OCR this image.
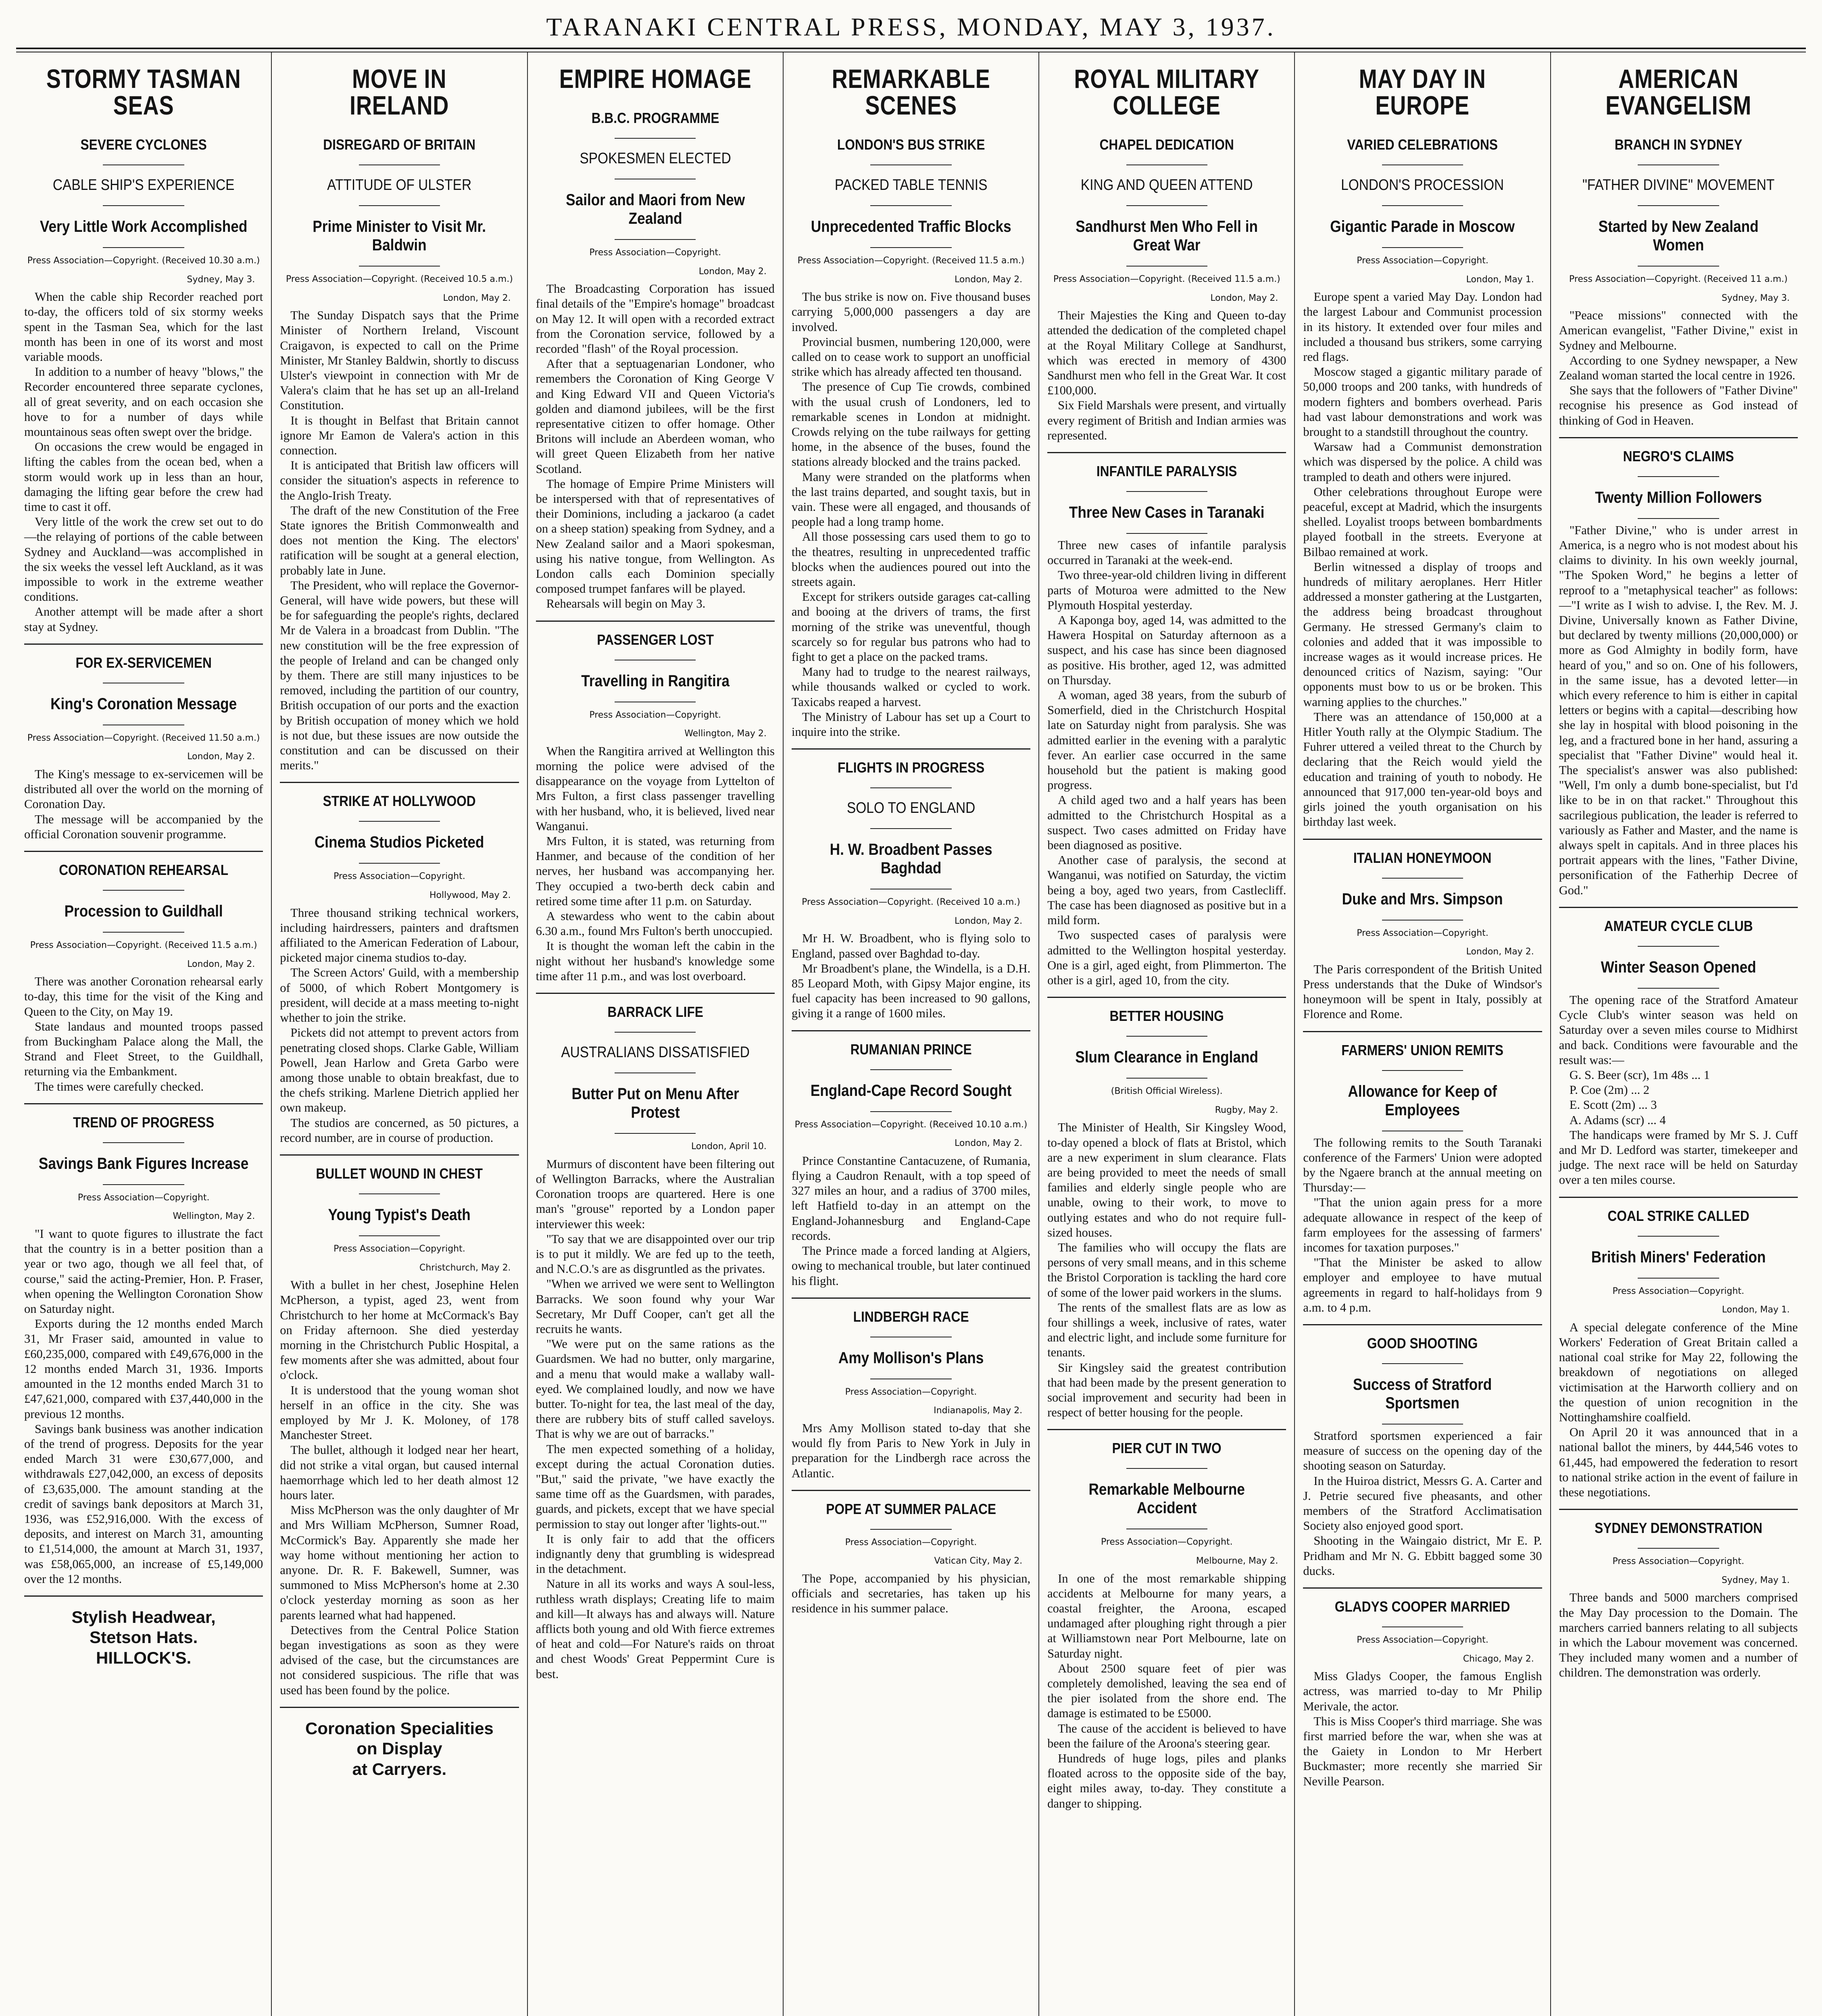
TARANAKI CENTRAL PRESS, MONDAY, MAY 3, 1937.
STORMY TASMAN SEAS
SEVERE CYCLONES
CABLE SHIP'S EXPERIENCE
Very Little Work Accomplished
Press Association—Copyright. (Received 10.30 a.m.)
Sydney, May 3.

When the cable ship Recorder reached port to-day, the officers told of six stormy weeks spent in the Tasman Sea, which for the last month has been in one of its worst and most variable moods.

In addition to a number of heavy "blows," the Recorder encountered three separate cyclones, all of great severity, and on each occasion she hove to for a number of days while mountainous seas often swept over the bridge.

On occasions the crew would be engaged in lifting the cables from the ocean bed, when a storm would work up in less than an hour, damaging the lifting gear before the crew had time to cast it off.

Very little of the work the crew set out to do—the relaying of portions of the cable between Sydney and Auckland—was accomplished in the six weeks the vessel left Auckland, as it was impossible to work in the extreme weather conditions.

Another attempt will be made after a short stay at Sydney.

FOR EX-SERVICEMEN
King's Coronation Message
Press Association—Copyright. (Received 11.50 a.m.)
London, May 2.

The King's message to ex-servicemen will be distributed all over the world on the morning of Coronation Day.

The message will be accompanied by the official Coronation souvenir programme.

CORONATION REHEARSAL
Procession to Guildhall
Press Association—Copyright. (Received 11.5 a.m.)
London, May 2.

There was another Coronation rehearsal early to-day, this time for the visit of the King and Queen to the City, on May 19.

State landaus and mounted troops passed from Buckingham Palace along the Mall, the Strand and Fleet Street, to the Guildhall, returning via the Embankment.

The times were carefully checked.

TREND OF PROGRESS
Savings Bank Figures Increase
Press Association—Copyright.
Wellington, May 2.

"I want to quote figures to illustrate the fact that the country is in a better position than a year or two ago, though we all feel that, of course," said the acting-Premier, Hon. P. Fraser, when opening the Wellington Coronation Show on Saturday night.

Exports during the 12 months ended March 31, Mr Fraser said, amounted in value to £60,235,000, compared with £49,676,000 in the 12 months ended March 31, 1936. Imports amounted in the 12 months ended March 31 to £47,621,000, compared with £37,440,000 in the previous 12 months.

Savings bank business was another indication of the trend of progress. Deposits for the year ended March 31 were £30,677,000, and withdrawals £27,042,000, an excess of deposits of £3,635,000. The amount standing at the credit of savings bank depositors at March 31, 1936, was £52,916,000. With the excess of deposits, and interest on March 31, amounting to £1,514,000, the amount at March 31, 1937, was £58,065,000, an increase of £5,149,000 over the 12 months.

Stylish Headwear,
Stetson Hats.
HILLOCK'S.
MOVE IN IRELAND
DISREGARD OF BRITAIN
ATTITUDE OF ULSTER
Prime Minister to Visit Mr. Baldwin
Press Association—Copyright. (Received 10.5 a.m.)
London, May 2.

The Sunday Dispatch says that the Prime Minister of Northern Ireland, Viscount Craigavon, is expected to call on the Prime Minister, Mr Stanley Baldwin, shortly to discuss Ulster's viewpoint in connection with Mr de Valera's claim that he has set up an all-Ireland Constitution.

It is thought in Belfast that Britain cannot ignore Mr Eamon de Valera's action in this connection.

It is anticipated that British law officers will consider the situation's aspects in reference to the Anglo-Irish Treaty.

The draft of the new Constitution of the Free State ignores the British Commonwealth and does not mention the King. The electors' ratification will be sought at a general election, probably late in June.

The President, who will replace the Governor-General, will have wide powers, but these will be for safeguarding the people's rights, declared Mr de Valera in a broadcast from Dublin. "The new constitution will be the free expression of the people of Ireland and can be changed only by them. There are still many injustices to be removed, including the partition of our country, British occupation of our ports and the exaction by British occupation of money which we hold is not due, but these issues are now outside the constitution and can be discussed on their merits."

STRIKE AT HOLLYWOOD
Cinema Studios Picketed
Press Association—Copyright.
Hollywood, May 2.

Three thousand striking technical workers, including hairdressers, painters and draftsmen affiliated to the American Federation of Labour, picketed major cinema studios to-day.

The Screen Actors' Guild, with a membership of 5000, of which Robert Montgomery is president, will decide at a mass meeting to-night whether to join the strike.

Pickets did not attempt to prevent actors from penetrating closed shops. Clarke Gable, William Powell, Jean Harlow and Greta Garbo were among those unable to obtain breakfast, due to the chefs striking. Marlene Dietrich applied her own makeup.

The studios are concerned, as 50 pictures, a record number, are in course of production.

BULLET WOUND IN CHEST
Young Typist's Death
Press Association—Copyright.
Christchurch, May 2.

With a bullet in her chest, Josephine Helen McPherson, a typist, aged 23, went from Christchurch to her home at McCormack's Bay on Friday afternoon. She died yesterday morning in the Christchurch Public Hospital, a few moments after she was admitted, about four o'clock.

It is understood that the young woman shot herself in an office in the city. She was employed by Mr J. K. Moloney, of 178 Manchester Street.

The bullet, although it lodged near her heart, did not strike a vital organ, but caused internal haemorrhage which led to her death almost 12 hours later.

Miss McPherson was the only daughter of Mr and Mrs William McPherson, Sumner Road, McCormick's Bay. Apparently she made her way home without mentioning her action to anyone. Dr. R. F. Bakewell, Sumner, was summoned to Miss McPherson's home at 2.30 o'clock yesterday morning as soon as her parents learned what had happened.

Detectives from the Central Police Station began investigations as soon as they were advised of the case, but the circumstances are not considered suspicious. The rifle that was used has been found by the police.

Coronation Specialities
on Display
at Carryers.
EMPIRE HOMAGE
B.B.C. PROGRAMME
SPOKESMEN ELECTED
Sailor and Maori from New Zealand
Press Association—Copyright.
London, May 2.

The Broadcasting Corporation has issued final details of the "Empire's homage" broadcast on May 12. It will open with a recorded extract from the Coronation service, followed by a recorded "flash" of the Royal procession.

After that a septuagenarian Londoner, who remembers the Coronation of King George V and King Edward VII and Queen Victoria's golden and diamond jubilees, will be the first representative citizen to offer homage. Other Britons will include an Aberdeen woman, who will greet Queen Elizabeth from her native Scotland.

The homage of Empire Prime Ministers will be interspersed with that of representatives of their Dominions, including a jackaroo (a cadet on a sheep station) speaking from Sydney, and a New Zealand sailor and a Maori spokesman, using his native tongue, from Wellington. As London calls each Dominion specially composed trumpet fanfares will be played.

Rehearsals will begin on May 3.

PASSENGER LOST
Travelling in Rangitira
Press Association—Copyright.
Wellington, May 2.

When the Rangitira arrived at Wellington this morning the police were advised of the disappearance on the voyage from Lyttelton of Mrs Fulton, a first class passenger travelling with her husband, who, it is believed, lived near Wanganui.

Mrs Fulton, it is stated, was returning from Hanmer, and because of the condition of her nerves, her husband was accompanying her. They occupied a two-berth deck cabin and retired some time after 11 p.m. on Saturday.

A stewardess who went to the cabin about 6.30 a.m., found Mrs Fulton's berth unoccupied.

It is thought the woman left the cabin in the night without her husband's knowledge some time after 11 p.m., and was lost overboard.

BARRACK LIFE
AUSTRALIANS DISSATISFIED
Butter Put on Menu After Protest
London, April 10.

Murmurs of discontent have been filtering out of Wellington Barracks, where the Australian Coronation troops are quartered. Here is one man's "grouse" reported by a London paper interviewer this week:

"To say that we are disappointed over our trip is to put it mildly. We are fed up to the teeth, and N.C.O.'s are as disgruntled as the privates.

"When we arrived we were sent to Wellington Barracks. We soon found why your War Secretary, Mr Duff Cooper, can't get all the recruits he wants.

"We were put on the same rations as the Guardsmen. We had no butter, only margarine, and a menu that would make a wallaby wall-eyed. We complained loudly, and now we have butter. To-night for tea, the last meal of the day, there are rubbery bits of stuff called saveloys. That is why we are out of barracks."

The men expected something of a holiday, except during the actual Coronation duties. "But," said the private, "we have exactly the same time off as the Guardsmen, with parades, guards, and pickets, except that we have special permission to stay out longer after 'lights-out.'"

It is only fair to add that the officers indignantly deny that grumbling is widespread in the detachment.

Nature in all its works and ways A soul-less, ruthless wrath displays; Creating life to maim and kill—It always has and always will. Nature afflicts both young and old With fierce extremes of heat and cold—For Nature's raids on throat and chest Woods' Great Peppermint Cure is best.

REMARKABLE SCENES
LONDON'S BUS STRIKE
PACKED TABLE TENNIS
Unprecedented Traffic Blocks
Press Association—Copyright. (Received 11.5 a.m.)
London, May 2.

The bus strike is now on. Five thousand buses carrying 5,000,000 passengers a day are involved.

Provincial busmen, numbering 120,000, were called on to cease work to support an unofficial strike which has already affected ten thousand.

The presence of Cup Tie crowds, combined with the usual crush of Londoners, led to remarkable scenes in London at midnight. Crowds relying on the tube railways for getting home, in the absence of the buses, found the stations already blocked and the trains packed.

Many were stranded on the platforms when the last trains departed, and sought taxis, but in vain. These were all engaged, and thousands of people had a long tramp home.

All those possessing cars used them to go to the theatres, resulting in unprecedented traffic blocks when the audiences poured out into the streets again.

Except for strikers outside garages cat-calling and booing at the drivers of trams, the first morning of the strike was uneventful, though scarcely so for regular bus patrons who had to fight to get a place on the packed trams.

Many had to trudge to the nearest railways, while thousands walked or cycled to work. Taxicabs reaped a harvest.

The Ministry of Labour has set up a Court to inquire into the strike.

FLIGHTS IN PROGRESS
SOLO TO ENGLAND
H. W. Broadbent Passes Baghdad
Press Association—Copyright. (Received 10 a.m.)
London, May 2.

Mr H. W. Broadbent, who is flying solo to England, passed over Baghdad to-day.

Mr Broadbent's plane, the Windella, is a D.H. 85 Leopard Moth, with Gipsy Major engine, its fuel capacity has been increased to 90 gallons, giving it a range of 1600 miles.

RUMANIAN PRINCE
England-Cape Record Sought
Press Association—Copyright. (Received 10.10 a.m.)
London, May 2.

Prince Constantine Cantacuzene, of Rumania, flying a Caudron Renault, with a top speed of 327 miles an hour, and a radius of 3700 miles, left Hatfield to-day in an attempt on the England-Johannesburg and England-Cape records.

The Prince made a forced landing at Algiers, owing to mechanical trouble, but later continued his flight.

LINDBERGH RACE
Amy Mollison's Plans
Press Association—Copyright.
Indianapolis, May 2.

Mrs Amy Mollison stated to-day that she would fly from Paris to New York in July in preparation for the Lindbergh race across the Atlantic.

POPE AT SUMMER PALACE
Press Association—Copyright.
Vatican City, May 2.

The Pope, accompanied by his physician, officials and secretaries, has taken up his residence in his summer palace.

ROYAL MILITARY COLLEGE
CHAPEL DEDICATION
KING AND QUEEN ATTEND
Sandhurst Men Who Fell in Great War
Press Association—Copyright. (Received 11.5 a.m.)
London, May 2.

Their Majesties the King and Queen to-day attended the dedication of the completed chapel at the Royal Military College at Sandhurst, which was erected in memory of 4300 Sandhurst men who fell in the Great War. It cost £100,000.

Six Field Marshals were present, and virtually every regiment of British and Indian armies was represented.

INFANTILE PARALYSIS
Three New Cases in Taranaki

Three new cases of infantile paralysis occurred in Taranaki at the week-end.

Two three-year-old children living in different parts of Moturoa were admitted to the New Plymouth Hospital yesterday.

A Kaponga boy, aged 14, was admitted to the Hawera Hospital on Saturday afternoon as a suspect, and his case has since been diagnosed as positive. His brother, aged 12, was admitted on Thursday.

A woman, aged 38 years, from the suburb of Somerfield, died in the Christchurch Hospital late on Saturday night from paralysis. She was admitted earlier in the evening with a paralytic fever. An earlier case occurred in the same household but the patient is making good progress.

A child aged two and a half years has been admitted to the Christchurch Hospital as a suspect. Two cases admitted on Friday have been diagnosed as positive.

Another case of paralysis, the second at Wanganui, was notified on Saturday, the victim being a boy, aged two years, from Castlecliff. The case has been diagnosed as positive but in a mild form.

Two suspected cases of paralysis were admitted to the Wellington hospital yesterday. One is a girl, aged eight, from Plimmerton. The other is a girl, aged 10, from the city.

BETTER HOUSING
Slum Clearance in England
(British Official Wireless).
Rugby, May 2.

The Minister of Health, Sir Kingsley Wood, to-day opened a block of flats at Bristol, which are a new experiment in slum clearance. Flats are being provided to meet the needs of small families and elderly single people who are unable, owing to their work, to move to outlying estates and who do not require full-sized houses.

The families who will occupy the flats are persons of very small means, and in this scheme the Bristol Corporation is tackling the hard core of some of the lower paid workers in the slums.

The rents of the smallest flats are as low as four shillings a week, inclusive of rates, water and electric light, and include some furniture for tenants.

Sir Kingsley said the greatest contribution that had been made by the present generation to social improvement and security had been in respect of better housing for the people.

PIER CUT IN TWO
Remarkable Melbourne Accident
Press Association—Copyright.
Melbourne, May 2.

In one of the most remarkable shipping accidents at Melbourne for many years, a coastal freighter, the Aroona, escaped undamaged after ploughing right through a pier at Williamstown near Port Melbourne, late on Saturday night.

About 2500 square feet of pier was completely demolished, leaving the sea end of the pier isolated from the shore end. The damage is estimated to be £5000.

The cause of the accident is believed to have been the failure of the Aroona's steering gear.

Hundreds of huge logs, piles and planks floated across to the opposite side of the bay, eight miles away, to-day. They constitute a danger to shipping.

MAY DAY IN EUROPE
VARIED CELEBRATIONS
LONDON'S PROCESSION
Gigantic Parade in Moscow
Press Association—Copyright.
London, May 1.

Europe spent a varied May Day. London had the largest Labour and Communist procession in its history. It extended over four miles and included a thousand bus strikers, some carrying red flags.

Moscow staged a gigantic military parade of 50,000 troops and 200 tanks, with hundreds of modern fighters and bombers overhead. Paris had vast labour demonstrations and work was brought to a standstill throughout the country.

Warsaw had a Communist demonstration which was dispersed by the police. A child was trampled to death and others were injured.

Other celebrations throughout Europe were peaceful, except at Madrid, which the insurgents shelled. Loyalist troops between bombardments played football in the streets. Everyone at Bilbao remained at work.

Berlin witnessed a display of troops and hundreds of military aeroplanes. Herr Hitler addressed a monster gathering at the Lustgarten, the address being broadcast throughout Germany. He stressed Germany's claim to colonies and added that it was impossible to increase wages as it would increase prices. He denounced critics of Nazism, saying: "Our opponents must bow to us or be broken. This warning applies to the churches."

There was an attendance of 150,000 at a Hitler Youth rally at the Olympic Stadium. The Fuhrer uttered a veiled threat to the Church by declaring that the Reich would yield the education and training of youth to nobody. He announced that 917,000 ten-year-old boys and girls joined the youth organisation on his birthday last week.

ITALIAN HONEYMOON
Duke and Mrs. Simpson
Press Association—Copyright.
London, May 2.

The Paris correspondent of the British United Press understands that the Duke of Windsor's honeymoon will be spent in Italy, possibly at Florence and Rome.

FARMERS' UNION REMITS
Allowance for Keep of Employees

The following remits to the South Taranaki conference of the Farmers' Union were adopted by the Ngaere branch at the annual meeting on Thursday:—

"That the union again press for a more adequate allowance in respect of the keep of farm employees for the assessing of farmers' incomes for taxation purposes."

"That the Minister be asked to allow employer and employee to have mutual agreements in regard to half-holidays from 9 a.m. to 4 p.m.

GOOD SHOOTING
Success of Stratford Sportsmen

Stratford sportsmen experienced a fair measure of success on the opening day of the shooting season on Saturday.

In the Huiroa district, Messrs G. A. Carter and J. Petrie secured five pheasants, and other members of the Stratford Acclimatisation Society also enjoyed good sport.

Shooting in the Waingaio district, Mr E. P. Pridham and Mr N. G. Ebbitt bagged some 30 ducks.

GLADYS COOPER MARRIED
Press Association—Copyright.
Chicago, May 2.

Miss Gladys Cooper, the famous English actress, was married to-day to Mr Philip Merivale, the actor.

This is Miss Cooper's third marriage. She was first married before the war, when she was at the Gaiety in London to Mr Herbert Buckmaster; more recently she married Sir Neville Pearson.

AMERICAN EVANGELISM
BRANCH IN SYDNEY
"FATHER DIVINE" MOVEMENT
Started by New Zealand Women
Press Association—Copyright. (Received 11 a.m.)
Sydney, May 3.

"Peace missions" connected with the American evangelist, "Father Divine," exist in Sydney and Melbourne.

According to one Sydney newspaper, a New Zealand woman started the local centre in 1926.

She says that the followers of "Father Divine" recognise his presence as God instead of thinking of God in Heaven.

NEGRO'S CLAIMS
Twenty Million Followers

"Father Divine," who is under arrest in America, is a negro who is not modest about his claims to divinity. In his own weekly journal, "The Spoken Word," he begins a letter of reproof to a "metaphysical teacher" as follows:—"I write as I wish to advise. I, the Rev. M. J. Divine, Universally known as Father Divine, but declared by twenty millions (20,000,000) or more as God Almighty in bodily form, have heard of you," and so on. One of his followers, in the same issue, has a devoted letter—in which every reference to him is either in capital letters or begins with a capital—describing how she lay in hospital with blood poisoning in the leg, and a fractured bone in her hand, assuring a specialist that "Father Divine" would heal it. The specialist's answer was also published: "Well, I'm only a dumb bone-specialist, but I'd like to be in on that racket." Throughout this sacrilegious publication, the leader is referred to variously as Father and Master, and the name is always spelt in capitals. And in three places his portrait appears with the lines, "Father Divine, personification of the Fatherhip Decree of God."

AMATEUR CYCLE CLUB
Winter Season Opened

The opening race of the Stratford Amateur Cycle Club's winter season was held on Saturday over a seven miles course to Midhirst and back. Conditions were favourable and the result was:—

G. S. Beer (scr), 1m 48s ... 1

P. Coe (2m) ... 2

E. Scott (2m) ... 3

A. Adams (scr) ... 4

The handicaps were framed by Mr S. J. Cuff and Mr D. Ledford was starter, timekeeper and judge. The next race will be held on Saturday over a ten miles course.

COAL STRIKE CALLED
British Miners' Federation
Press Association—Copyright.
London, May 1.

A special delegate conference of the Mine Workers' Federation of Great Britain called a national coal strike for May 22, following the breakdown of negotiations on alleged victimisation at the Harworth colliery and on the question of union recognition in the Nottinghamshire coalfield.

On April 20 it was announced that in a national ballot the miners, by 444,546 votes to 61,445, had empowered the federation to resort to national strike action in the event of failure in these negotiations.

SYDNEY DEMONSTRATION
Press Association—Copyright.
Sydney, May 1.

Three bands and 5000 marchers comprised the May Day procession to the Domain. The marchers carried banners relating to all subjects in which the Labour movement was concerned. They included many women and a number of children. The demonstration was orderly.
